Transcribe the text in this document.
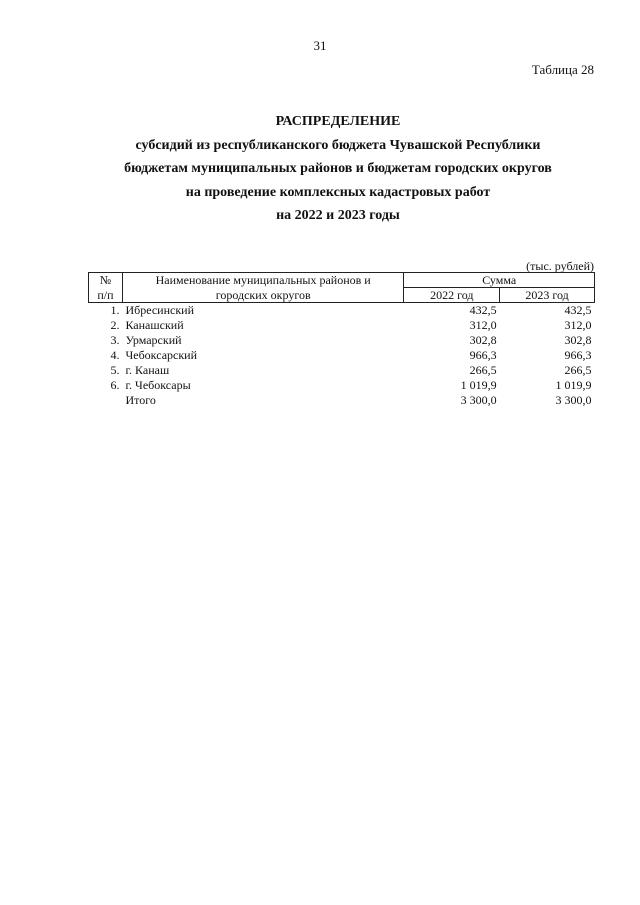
31
Таблица 28
РАСПРЕДЕЛЕНИЕ
субсидий из республиканского бюджета Чувашской Республики
бюджетам муниципальных районов и бюджетам городских округов
на проведение комплексных кадастровых работ
на 2022 и 2023 годы
(тыс. рублей)
№	Наименование муниципальных районов и	Сумма	
п/п	городских округов	2022 год	2023 год
1.	Ибресинский	432,5	432,5
2.	Канашский	312,0	312,0
3.	Урмарский	302,8	302,8
4.	Чебоксарский	966,3	966,3
5.	г. Канаш	266,5	266,5
6.	г. Чебоксары	1 019,9	1 019,9
	Итого	3 300,0	3 300,0
